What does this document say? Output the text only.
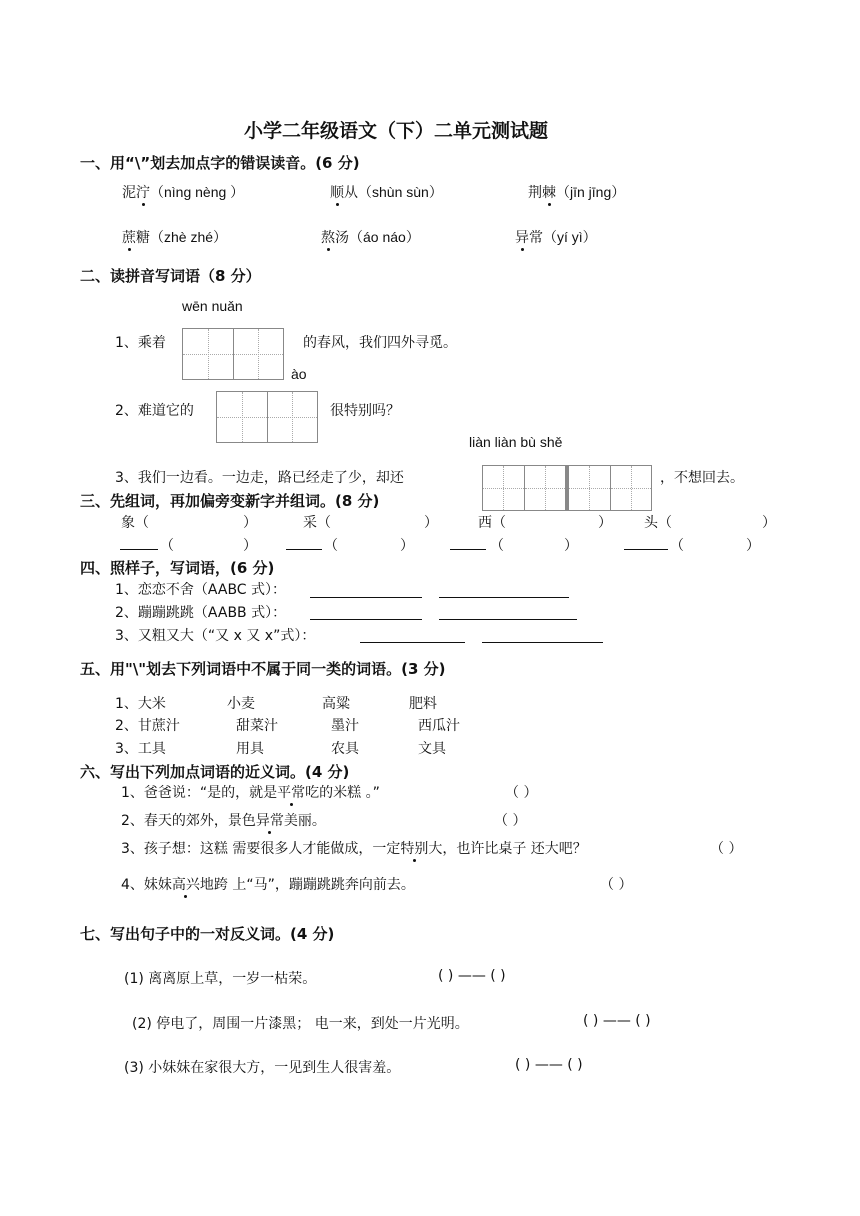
小学二年级语文（下）二单元测试题
一、用“\”划去加点字的错误读音。(6 分)
泥泞（nìng nèng ）	顺从（shùn sùn）	荆棘（jīn jīng）
蔗糖（zhè zhé）	熬汤（áo náo）	异常（yí yì）
二、读拼音写词语（8 分）
wēn nuǎn
1、乘着	的春风，我们四外寻觅。
ào
2、难道它的	很特别吗？
liàn liàn bù shě
3、我们一边看。一边走，路已经走了少，却还	，不想回去。
三、先组词，再加偏旁变新字并组词。(8 分)
象（	）	采（	）	西（	） 头（	）
（	）	（	）	（	）	（	）
四、照样子，写词语，(6 分)
1、恋恋不舍（AABC 式）：
2、蹦蹦跳跳（AABB 式）：
3、又粗又大（“又 x 又 x”式）：
五、用"\"划去下列词语中不属于同一类的词语。(3 分)
1、大米	小麦	高粱	肥料
2、甘蔗汁	甜菜汁	墨汁	西瓜汁
3、工具	用具	农具	文具
六、写出下列加点词语的近义词。(4 分)
1、爸爸说：“是的，就是平常吃的米糕 。”	（ ）
2、春天的郊外，景色异常美丽。	（ ）
3、孩子想：这糕 需要很多人才能做成，一定特别大，也许比桌子 还大吧？	（ ）
4、妹妹高兴地跨 上“马”，蹦蹦跳跳奔向前去。	（ ）
七、写出句子中的一对反义词。(4 分)
(1) 离离原上草，一岁一枯荣。	( ) —— ( )
(2) 停电了，周围一片漆黑； 电一来，到处一片光明。	( ) —— ( )
(3) 小妹妹在家很大方，一见到生人很害羞。	( ) —— ( )
